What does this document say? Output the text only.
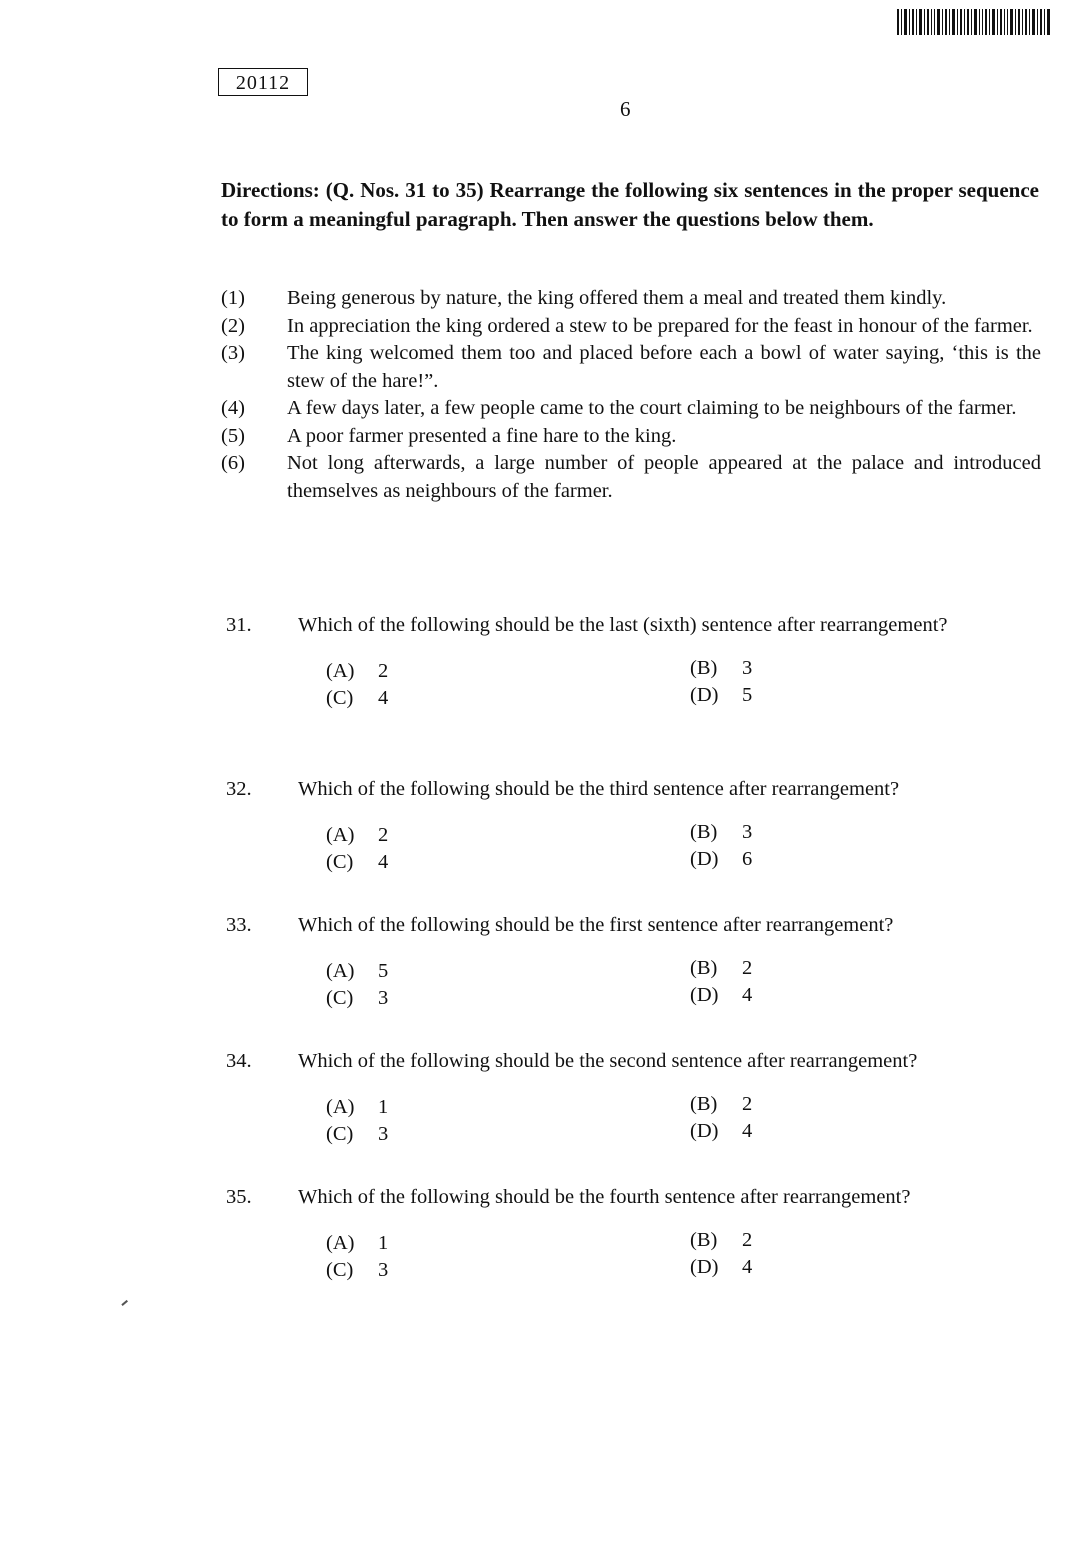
20112
6
Directions: (Q. Nos. 31 to 35) Rearrange the following six sentences in the proper sequence to form a meaningful paragraph. Then answer the questions below them.
(1)	Being generous by nature, the king offered them a meal and treated them kindly.
(2)	In appreciation the king ordered a stew to be prepared for the feast in honour of the farmer.
(3)	The king welcomed them too and placed before each a bowl of water saying, ‘this is the stew of the hare!”.
(4)	A few days later, a few people came to the court claiming to be neighbours of the farmer.
(5)	A poor farmer presented a fine hare to the king.
(6)	Not long afterwards, a large number of people appeared at the palace and introduced themselves as neighbours of the farmer.
31.	Which of the following should be the last (sixth) sentence after rearrangement?
(A)	2	(B)	3
(C)	4	(D)	5
32.	Which of the following should be the third sentence after rearrangement?
(A)	2	(B)	3
(C)	4	(D)	6
33.	Which of the following should be the first sentence after rearrangement?
(A)	5	(B)	2
(C)	3	(D)	4
34.	Which of the following should be the second sentence after rearrangement?
(A)	1	(B)	2
(C)	3	(D)	4
35.	Which of the following should be the fourth sentence after rearrangement?
(A)	1	(B)	2
(C)	3	(D)	4
